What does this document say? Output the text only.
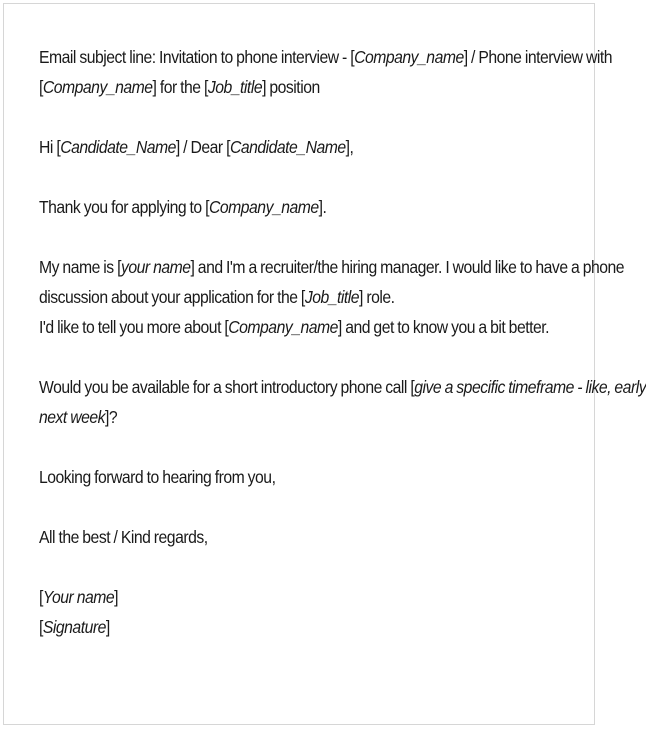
Email subject line: Invitation to phone interview - [Company_name] / Phone interview with
[Company_name] for the [Job_title] position

Hi [Candidate_Name] / Dear [Candidate_Name],

Thank you for applying to [Company_name].

My name is [your name] and I'm a recruiter/the hiring manager. I would like to have a phone
discussion about your application for the [Job_title] role.
I'd like to tell you more about [Company_name] and get to know you a bit better.

Would you be available for a short introductory phone call [give a specific timeframe - like, early
next week]?

Looking forward to hearing from you,

All the best / Kind regards,

[Your name]
[Signature]
